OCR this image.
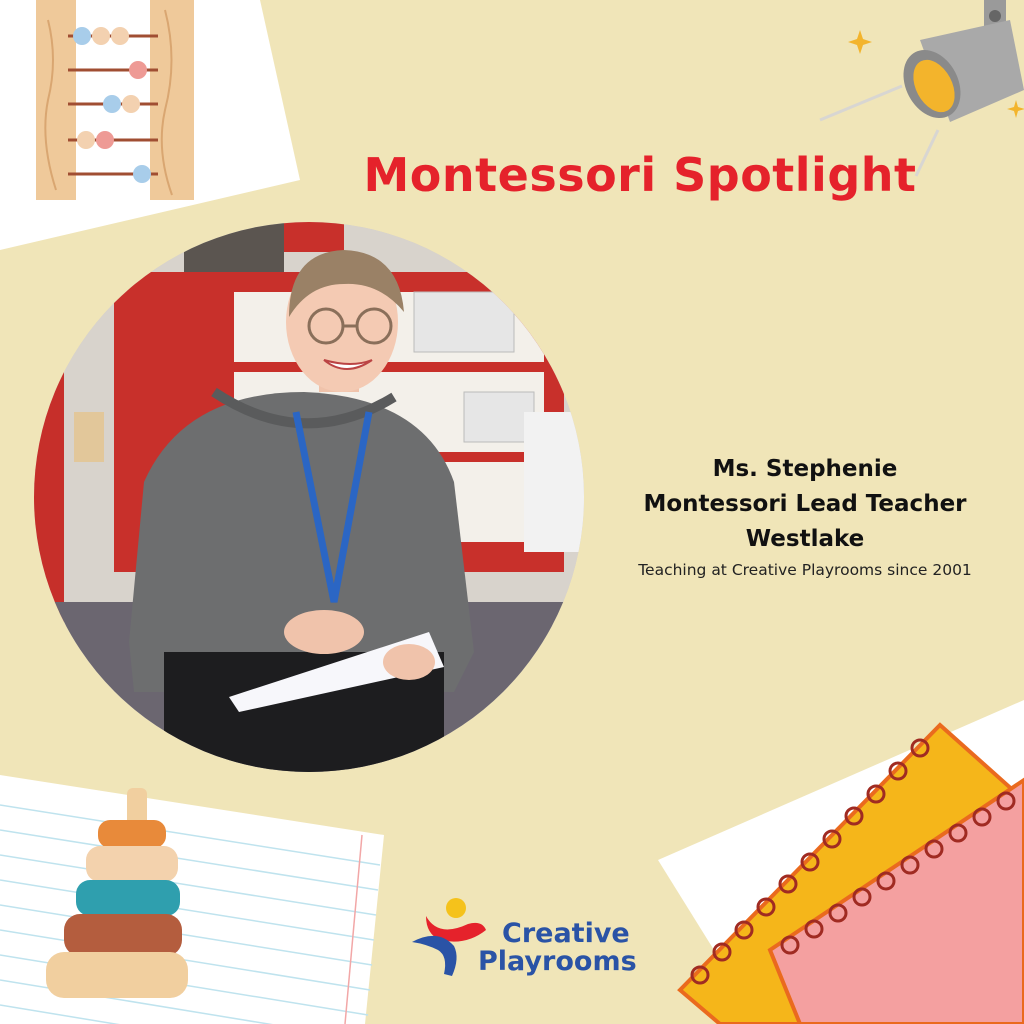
Montessori Spotlight
Ms. Stephenie
Montessori Lead Teacher
Westlake
Teaching at Creative Playrooms since 2001
Creative
Playrooms
